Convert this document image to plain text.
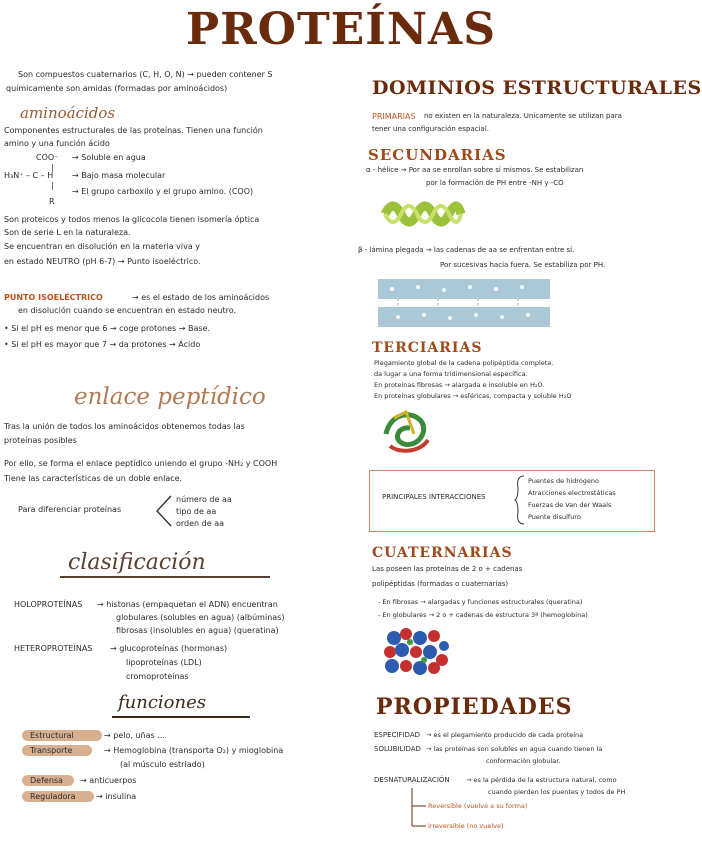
PROTEÍNAS
Son compuestos cuaternarios (C, H, O, N) → pueden contener S
químicamente son amidas (formadas por aminoácidos)
aminoácidos
Componentes estructurales de las proteínas. Tienen una función
amino y una función ácido
COO⁻ → Soluble en agua
|
H₃N⁺ – C – H → Bajo masa molecular
|
→ El grupo carboxilo y el grupo amino. (COO)
R
Son proteicos y todos menos la glicocola tienen isomería óptica
Son de serie L en la naturaleza.
Se encuentran en disolución en la materia viva y
en estado NEUTRO (pH 6-7) → Punto isoeléctrico.
PUNTO ISOELÉCTRICO	→ es el estado de los aminoácidos
en disolución cuando se encuentran en estado neutro.
• Si el pH es menor que 6 → coge protones → Base.
• Si el pH es mayor que 7 → da protones → Ácido
enlace peptídico
Tras la unión de todos los aminoácidos obtenemos todas las
proteínas posibles
Por ello, se forma el enlace peptídico uniendo el grupo -NH₂ y COOH
Tiene las características de un doble enlace.
Para diferenciar proteínas
número de aa
tipo de aa
orden de aa
clasificación
HOLOPROTEÍNAS → histonas (empaquetan el ADN) encuentran
globulares (solubles en agua) (albúminas)
fibrosas (insolubles en agua) (queratina)
HETEROPROTEÍNAS → glucoproteínas (hormonas)
lipoproteínas (LDL)
cromoproteínas
funciones
Estructural	→ pelo, uñas ...
Transporte	→ Hemoglobina (transporta O₂) y mioglobina
(al músculo estriado)
Defensa → anticuerpos
Reguladora	→ insulina
DOMINIOS ESTRUCTURALES
PRIMARIAS no existen en la naturaleza. Unicamente se utilizan para
tener una configuración espacial.
SECUNDARIAS
α - hélice → Por aa se enrollan sobre sí mismos. Se estabilizan
por la formación de PH entre -NH y -CO
β - lámina plegada → las cadenas de aa se enfrentan entre sí.
Por sucesivas hacia fuera. Se estabiliza por PH.
TERCIARIAS
Plegamiento global de la cadena polipéptida completa.
da lugar a una forma tridimensional específica.
En proteínas fibrosas → alargada e insoluble en H₂O.
En proteínas globulares → esféricas, compacta y soluble H₂O
PRINCIPALES INTERACCIONES
Puentes de hidrógeno
Atracciones electrostáticas
Fuerzas de Van der Waals
Puente disulfuro
CUATERNARIAS
Las poseen las proteínas de 2 o + cadenas
polipéptidas (formadas o cuaternarias)
- En fibrosas → alargadas y funciones estructurales (queratina)
- En globulares → 2 o + cadenas de estructura 3ª (hemoglobina)
PROPIEDADES
ESPECIFIDAD → es el plegamiento producido de cada proteína
SOLUBILIDAD → las proteínas son solubles en agua cuando tienen la
conformación globular.
DESNATURALIZACIÓN	→ es la pérdida de la estructura natural, como
cuando pierden los puentes y todos de PH
Reversible (vuelve a su forma)
Irreversible (no vuelve)
